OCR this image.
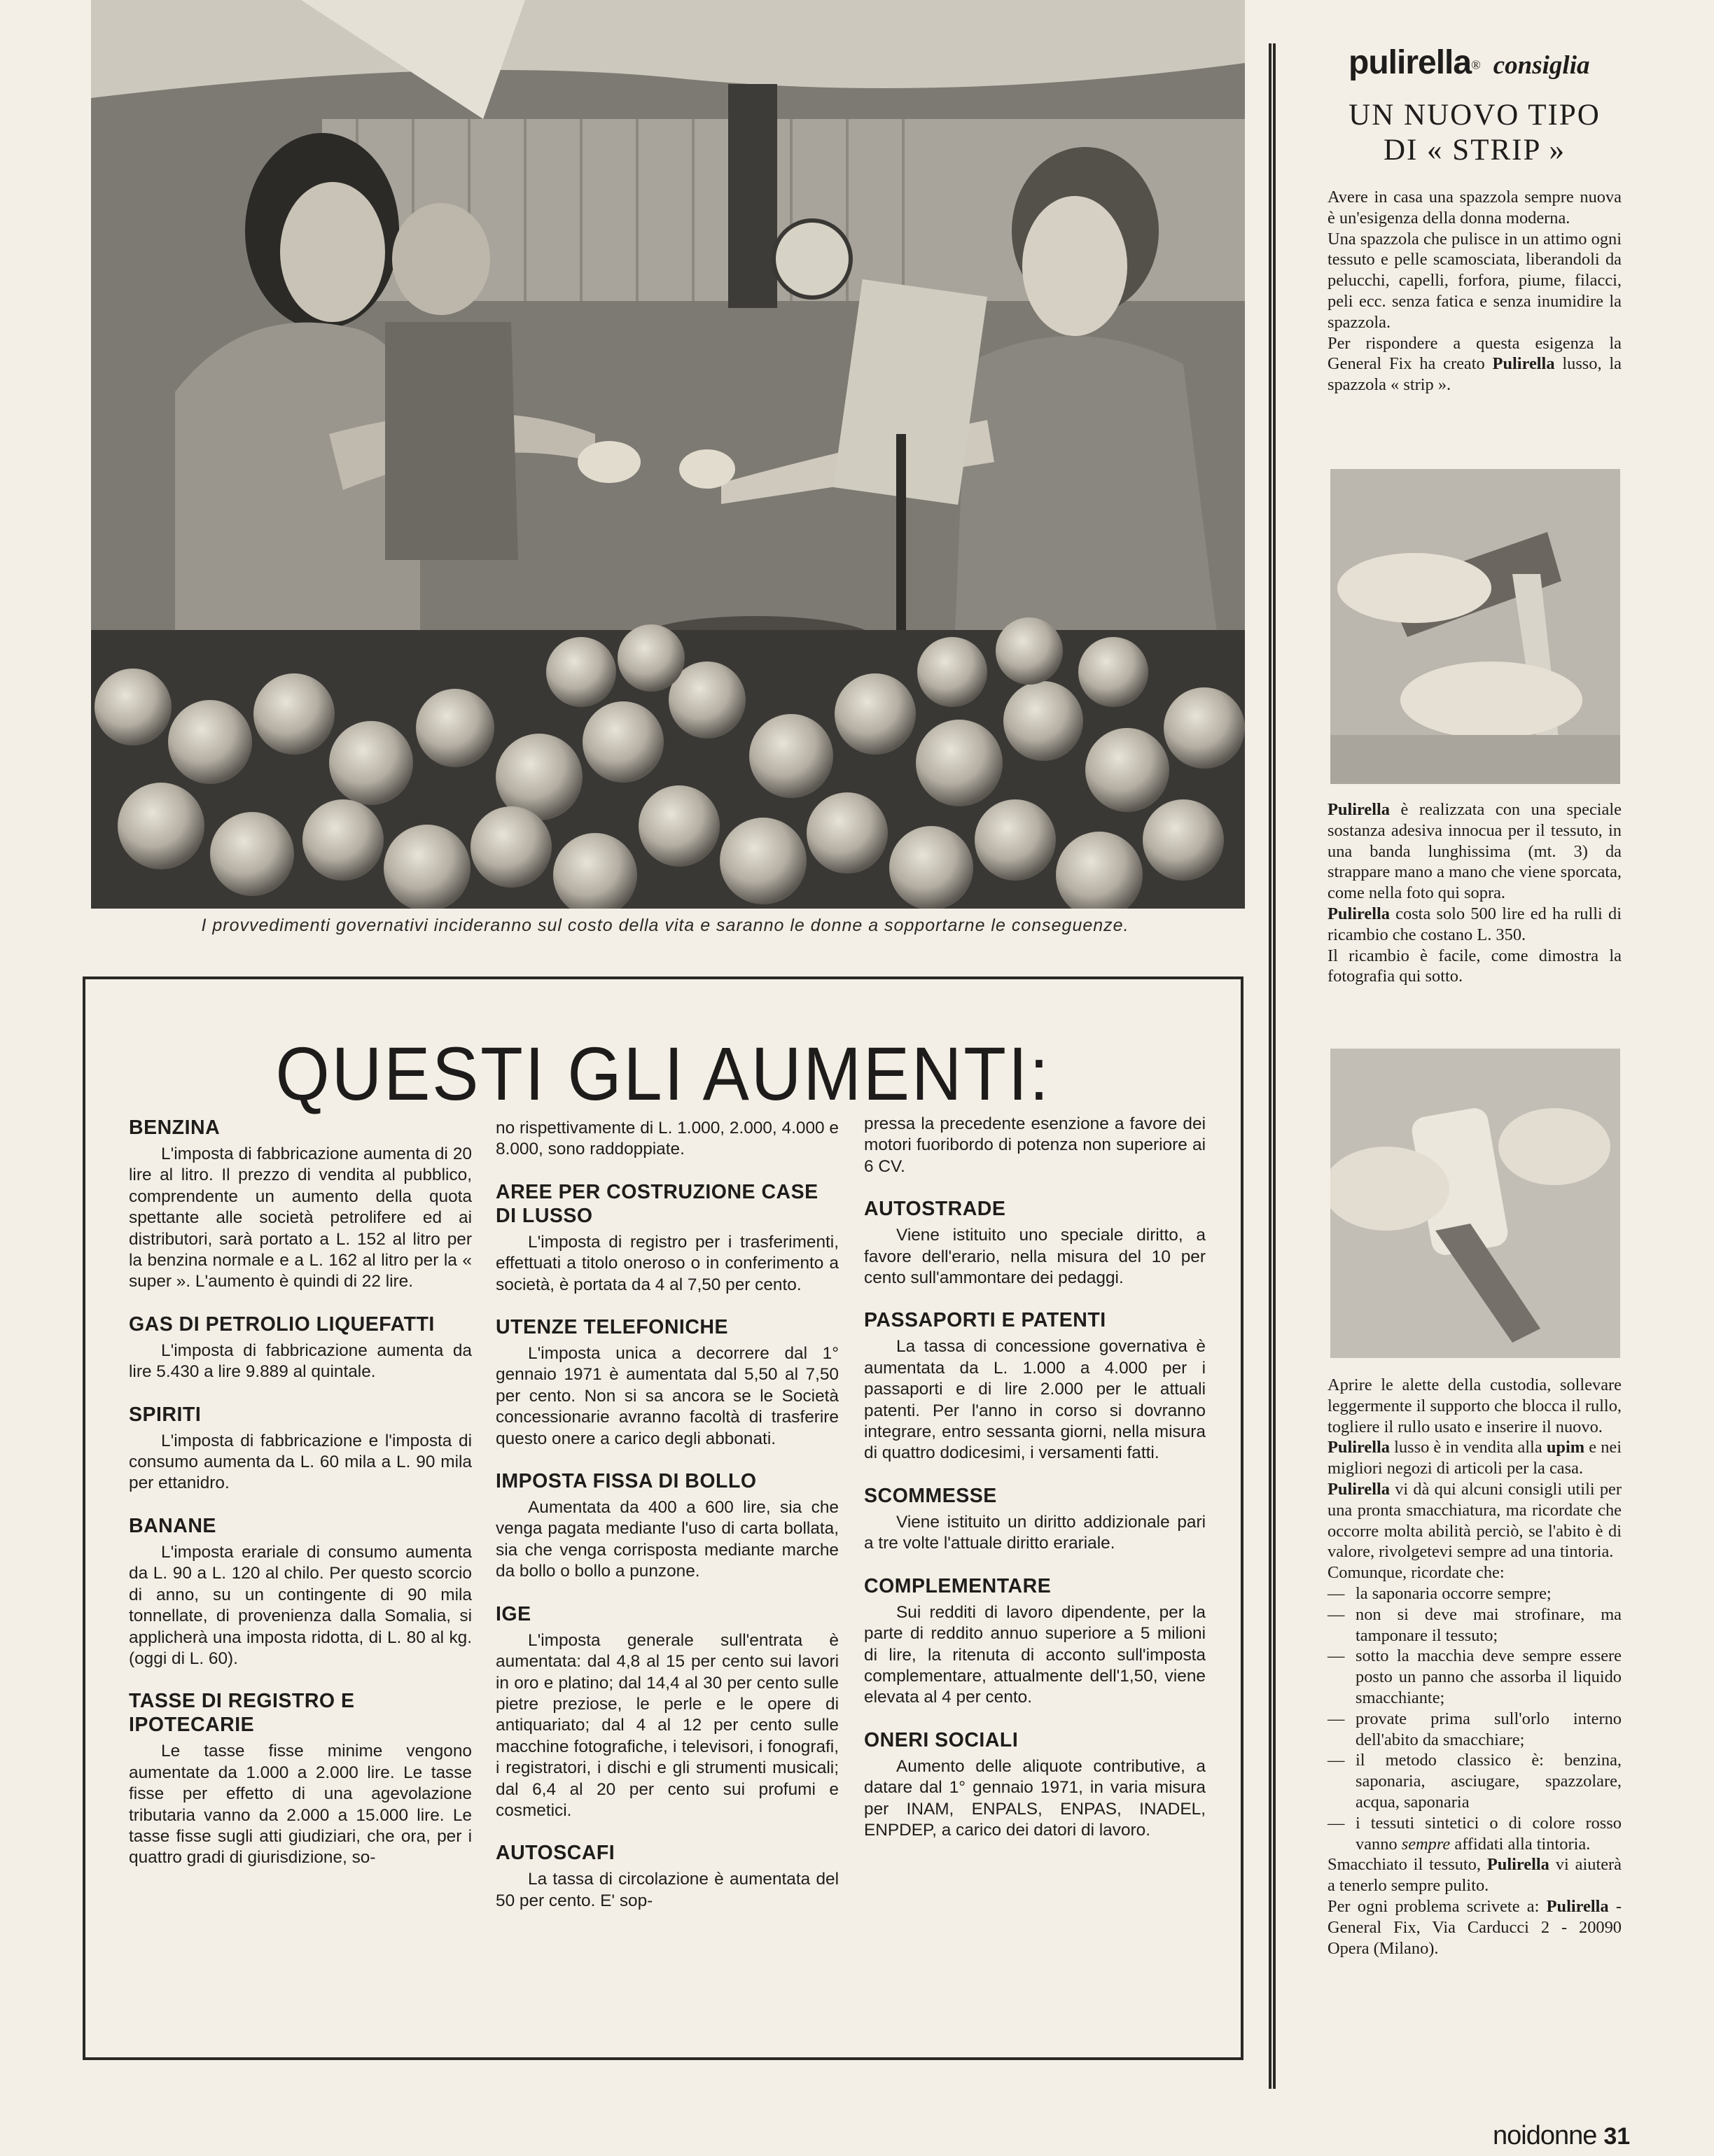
I provvedimenti governativi incideranno sul costo della vita e saranno le donne a sopportarne le conseguenze.
QUESTI GLI AUMENTI:
BENZINA

L'imposta di fabbricazione aumenta di 20 lire al litro. Il prezzo di vendita al pubblico, comprendente un aumento della quota spettante alle società petrolifere ed ai distributori, sarà portato a L. 152 al litro per la benzina normale e a L. 162 al litro per la « super ». L'aumento è quindi di 22 lire.

GAS DI PETROLIO LIQUEFATTI

L'imposta di fabbricazione aumenta da lire 5.430 a lire 9.889 al quintale.

SPIRITI

L'imposta di fabbricazione e l'imposta di consumo aumenta da L. 60 mila a L. 90 mila per ettanidro.

BANANE

L'imposta erariale di consumo aumenta da L. 90 a L. 120 al chilo. Per questo scorcio di anno, su un contingente di 90 mila tonnellate, di provenienza dalla Somalia, si applicherà una imposta ridotta, di L. 80 al kg. (oggi di L. 60).

TASSE DI REGISTRO E IPOTECARIE

Le tasse fisse minime vengono aumentate da 1.000 a 2.000 lire. Le tasse fisse per effetto di una agevolazione tributaria vanno da 2.000 a 15.000 lire. Le tasse fisse sugli atti giudiziari, che ora, per i quattro gradi di giurisdizione, so-

no rispettivamente di L. 1.000, 2.000, 4.000 e 8.000, sono raddoppiate.

AREE PER COSTRUZIONE CASE DI LUSSO

L'imposta di registro per i trasferimenti, effettuati a titolo oneroso o in conferimento a società, è portata da 4 al 7,50 per cento.

UTENZE TELEFONICHE

L'imposta unica a decorrere dal 1° gennaio 1971 è aumentata dal 5,50 al 7,50 per cento. Non si sa ancora se le Società concessionarie avranno facoltà di trasferire questo onere a carico degli abbonati.

IMPOSTA FISSA DI BOLLO

Aumentata da 400 a 600 lire, sia che venga pagata mediante l'uso di carta bollata, sia che venga corrisposta mediante marche da bollo o bollo a punzone.

IGE

L'imposta generale sull'entrata è aumentata: dal 4,8 al 15 per cento sui lavori in oro e platino; dal 14,4 al 30 per cento sulle pietre preziose, le perle e le opere di antiquariato; dal 4 al 12 per cento sulle macchine fotografiche, i televisori, i fonografi, i registratori, i dischi e gli strumenti musicali; dal 6,4 al 20 per cento sui profumi e cosmetici.

AUTOSCAFI

La tassa di circolazione è aumentata del 50 per cento. E' sop-

pressa la precedente esenzione a favore dei motori fuoribordo di potenza non superiore ai 6 CV.

AUTOSTRADE

Viene istituito uno speciale diritto, a favore dell'erario, nella misura del 10 per cento sull'ammontare dei pedaggi.

PASSAPORTI E PATENTI

La tassa di concessione governativa è aumentata da L. 1.000 a 4.000 per i passaporti e di lire 2.000 per le attuali patenti. Per l'anno in corso si dovranno integrare, entro sessanta giorni, nella misura di quattro dodicesimi, i versamenti fatti.

SCOMMESSE

Viene istituito un diritto addizionale pari a tre volte l'attuale diritto erariale.

COMPLEMENTARE

Sui redditi di lavoro dipendente, per la parte di reddito annuo superiore a 5 milioni di lire, la ritenuta di acconto sull'imposta complementare, attualmente dell'1,50, viene elevata al 4 per cento.

ONERI SOCIALI

Aumento delle aliquote contributive, a datare dal 1° gennaio 1971, in varia misura per INAM, ENPALS, ENPAS, INADEL, ENPDEP, a carico dei datori di lavoro.

pulirella® consiglia
UN NUOVO TIPO
DI « STRIP »

Avere in casa una spazzola sempre nuova è un'esigenza della donna moderna.

Una spazzola che pulisce in un attimo ogni tessuto e pelle scamosciata, liberandoli da pelucchi, capelli, forfora, piume, filacci, peli ecc. senza fatica e senza inumidire la spazzola.

Per rispondere a questa esigenza la General Fix ha creato Pulirella lusso, la spazzola « strip ».

Pulirella è realizzata con una speciale sostanza adesiva innocua per il tessuto, in una banda lunghissima (mt. 3) da strappare mano a mano che viene sporcata, come nella foto qui sopra.

Pulirella costa solo 500 lire ed ha rulli di ricambio che costano L. 350.

Il ricambio è facile, come dimostra la fotografia qui sotto.

Aprire le alette della custodia, sollevare leggermente il supporto che blocca il rullo, togliere il rullo usato e inserire il nuovo.

Pulirella lusso è in vendita alla upim e nei migliori negozi di articoli per la casa.

Pulirella vi dà qui alcuni consigli utili per una pronta smacchiatura, ma ricordate che occorre molta abilità perciò, se l'abito è di valore, rivolgetevi sempre ad una tintoria.

Comunque, ricordate che:

— la saponaria occorre sempre;
— non si deve mai strofinare, ma tamponare il tessuto;
— sotto la macchia deve sempre essere posto un panno che assorba il liquido smacchiante;
— provate prima sull'orlo interno dell'abito da smacchiare;
— il metodo classico è: benzina, saponaria, asciugare, spazzolare, acqua, saponaria
— i tessuti sintetici o di colore rosso vanno sempre affidati alla tintoria.

Smacchiato il tessuto, Pulirella vi aiuterà a tenerlo sempre pulito.

Per ogni problema scrivete a: Pulirella - General Fix, Via Carducci 2 - 20090 Opera (Milano).

noidonne 31
